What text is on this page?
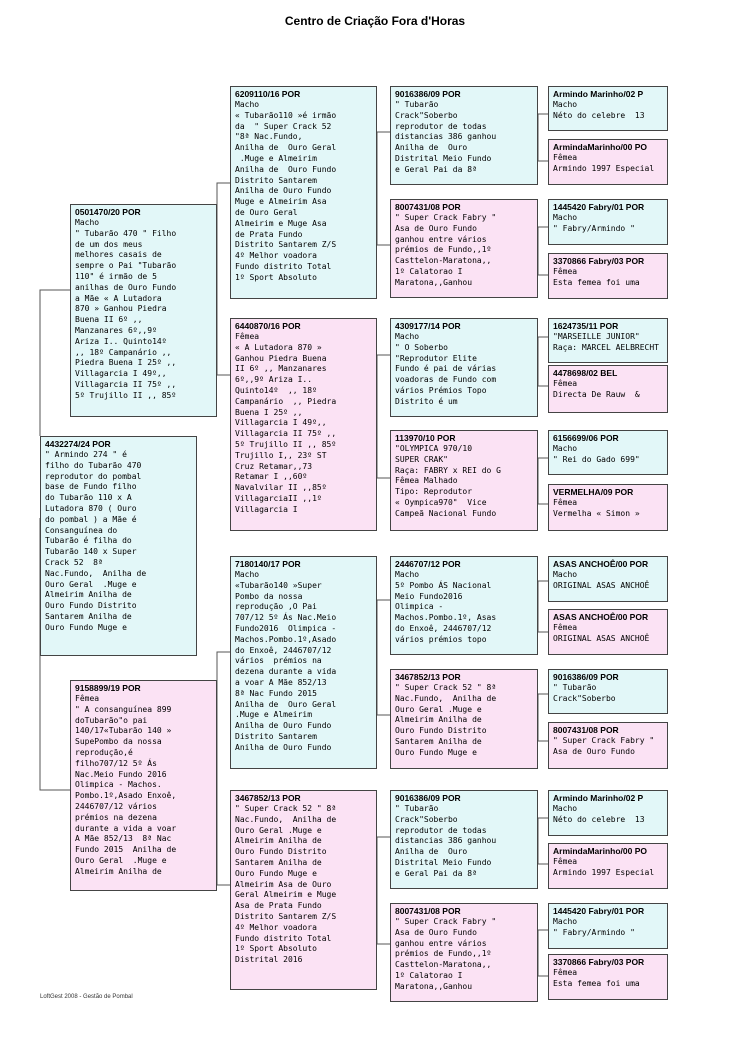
Centro de Criação Fora d'Horas
4432274/24 POR
" Armindo 274 " é
filho do Tubarão 470
reprodutor do pombal
base de Fundo filho
do Tubarão 110 x A
Lutadora 870 ( Ouro
do pombal ) a Mãe é
Consanguínea do
Tubarão é filha do
Tubarão 140 x Super
Crack 52  8ª
Nac.Fundo,  Anilha de
Ouro Geral  .Muge e
Almeirim Anilha de
Ouro Fundo Distrito
Santarem Anilha de
Ouro Fundo Muge e
0501470/20 POR
Macho
" Tubarão 470 " Filho
de um dos meus
melhores casais de
sempre o Pai "Tubarão
110" é irmão de 5
anilhas de Ouro Fundo
a Mãe « A Lutadora
870 » Ganhou Piedra
Buena II 6º ,,
Manzanares 6º,,9º
Ariza I.. Quinto14º
,, 18º Campanário ,,
Piedra Buena I 25º ,,
Villagarcia I 49º,,
Villagarcia II 75º ,,
5º Trujillo II ,, 85º
9158899/19 POR
Fêmea
" A consanguínea 899
doTubarão"o pai
140/17«Tubarão 140 »
SupePombo da nossa
reprodução,é
filho707/12 5º Ás
Nac.Meio Fundo 2016
Olimpica - Machos.
Pombo.1º,Asado Enxoê,
2446707/12 vários
prémios na dezena
durante a vida a voar
A Mãe 852/13  8ª Nac
Fundo 2015  Anilha de
Ouro Geral  .Muge e
Almeirim Anilha de
6209110/16 POR
Macho
« Tubarão110 »é irmão
da  " Super Crack 52
"8ª Nac.Fundo,
Anilha de  Ouro Geral
.Muge e Almeirim
Anilha de  Ouro Fundo
Distrito Santarem
Anilha de Ouro Fundo
Muge e Almeirim Asa
de Ouro Geral
Almeirim e Muge Asa
de Prata Fundo
Distrito Santarem Z/S
4º Melhor voadora
Fundo distrito Total
1º Sport Absoluto
6440870/16 POR
Fêmea
« A Lutadora 870 »
Ganhou Piedra Buena
II 6º ,, Manzanares
6º,,9º Ariza I..
Quinto14º  ,, 18º
Campanário  ,, Piedra
Buena I 25º ,,
Villagarcia I 49º,,
Villagarcia II 75º ,,
5º Trujillo II ,, 85º
Trujillo I,, 23º ST
Cruz Retamar,,73
Retamar I ,,60º
Navalvilar II ,,85º
VillagarciaII ,,1º
Villagarcia I
7180140/17 POR
Macho
«Tubarão140 »Super
Pombo da nossa
reprodução ,O Pai
707/12 5º Ás Nac.Meio
Fundo2016  Olimpica -
Machos.Pombo.1º,Asado
do Enxoê, 2446707/12
vários  prémios na
dezena durante a vida
a voar A Mãe 852/13
8ª Nac Fundo 2015
Anilha de  Ouro Geral
.Muge e Almeirim
Anilha de Ouro Fundo
Distrito Santarem
Anilha de Ouro Fundo
3467852/13 POR
" Super Crack 52 " 8ª
Nac.Fundo,  Anilha de
Ouro Geral .Muge e
Almeirim Anilha de
Ouro Fundo Distrito
Santarem Anilha de
Ouro Fundo Muge e
Almeirim Asa de Ouro
Geral Almeirim e Muge
Asa de Prata Fundo
Distrito Santarem Z/S
4º Melhor voadora
Fundo distrito Total
1º Sport Absoluto
Distrital 2016
9016386/09 POR
" Tubarão
Crack"Soberbo
reprodutor de todas
distancias 386 ganhou
Anilha de  Ouro
Distrital Meio Fundo
e Geral Pai da 8ª
8007431/08 POR
" Super Crack Fabry "
Asa de Ouro Fundo
ganhou entre vários
prémios de Fundo,,1º
Casttelon-Maratona,,
1º Calatorao I
Maratona,,Ganhou
4309177/14 POR
Macho
" O Soberbo
"Reprodutor Elite
Fundo é pai de várias
voadoras de Fundo com
vários Prémios Topo
Distrito é um
113970/10 POR
"OLYMPICA 970/10
SUPER CRAK"
Raça: FABRY x REI do G
Fêmea Malhado
Tipo: Reprodutor
« Oympica970"  Vice
Campeã Nacional Fundo
2446707/12 POR
Macho
5º Pombo ÁS Nacional
Meio Fundo2016
Olimpica -
Machos.Pombo.1º, Asas
do Enxoê, 2446707/12
vários prémios topo
3467852/13 POR
" Super Crack 52 " 8ª
Nac.Fundo,  Anilha de
Ouro Geral .Muge e
Almeirim Anilha de
Ouro Fundo Distrito
Santarem Anilha de
Ouro Fundo Muge e
9016386/09 POR
" Tubarão
Crack"Soberbo
reprodutor de todas
distancias 386 ganhou
Anilha de  Ouro
Distrital Meio Fundo
e Geral Pai da 8ª
8007431/08 POR
" Super Crack Fabry "
Asa de Ouro Fundo
ganhou entre vários
prémios de Fundo,,1º
Casttelon-Maratona,,
1º Calatorao I
Maratona,,Ganhou
Armindo Marinho/02 P
Macho
Néto do celebre  13
ArmindaMarinho/00 PO
Fêmea
Armindo 1997 Especial
1445420 Fabry/01 POR
Macho
" Fabry/Armindo "
3370866 Fabry/03 POR
Fêmea
Esta femea foi uma
1624735/11 POR
"MARSEILLE JUNIOR"
Raça: MARCEL AELBRECHT
4478698/02 BEL
Fêmea
Directa De Rauw  &
6156699/06 POR
Macho
" Rei do Gado 699"
VERMELHA/09 POR
Fêmea
Vermelha « Simon »
ASAS ANCHOÊ/00 POR
Macho
ORIGINAL ASAS ANCHOÊ
ASAS ANCHOÊ/00 POR
Fêmea
ORIGINAL ASAS ANCHOÊ
9016386/09 POR
" Tubarão
Crack"Soberbo
8007431/08 POR
" Super Crack Fabry "
Asa de Ouro Fundo
Armindo Marinho/02 P
Macho
Néto do celebre  13
ArmindaMarinho/00 PO
Fêmea
Armindo 1997 Especial
1445420 Fabry/01 POR
Macho
" Fabry/Armindo "
3370866 Fabry/03 POR
Fêmea
Esta femea foi uma
LoftGest 2008 - Gestão de Pombal
